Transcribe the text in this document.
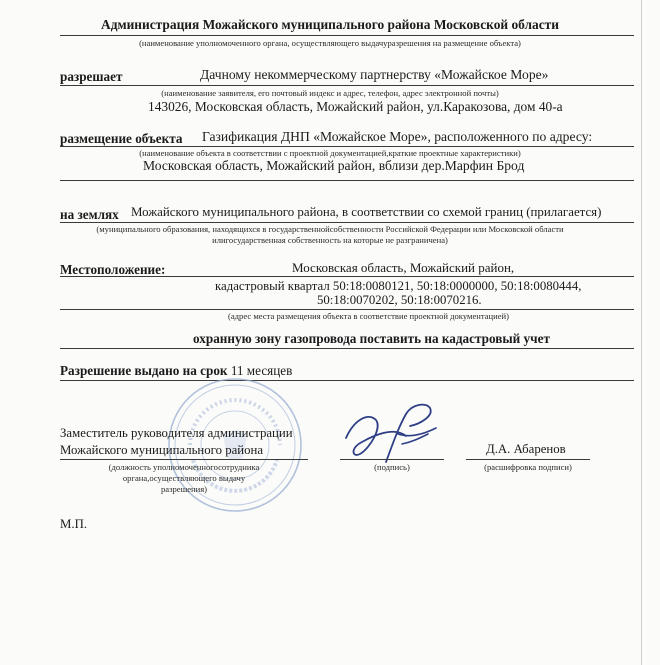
Администрация Можайского муниципального района Московской области
(наименование уполномоченного органа, осуществляющего выдачуразрешения на размещение объекта)
разрешает	Дачному некоммерческому партнерству «Можайское Море»
(наименование заявителя, его почтовый индекс и адрес, телефон, адрес электронной почты)
143026, Московская область, Можайский район, ул.Каракозова, дом 40-а
размещение объекта Газификация ДНП «Можайское Море», расположенного по адресу:
(наименование объекта в соответствии с проектной документацией,краткие проектные характеристики)
Московская область, Можайский район, вблизи дер.Марфин Брод
на землях Можайского муниципального района, в соответствии со схемой границ (прилагается)
(муниципального образования, находящихся в государственнойсобственности Российской Федерации или Московской области
илигосударственная собственность на которые не разграничена)
Местоположение:	Московская область, Можайский район,
кадастровый квартал 50:18:0080121, 50:18:0000000, 50:18:0080444,
50:18:0070202, 50:18:0070216.
(адрес места размещения объекта в соответствие проектной документацией)
охранную зону газопровода поставить на кадастровый учет
Разрешение выдано на срок 11 месяцев
Заместитель руководителя администрации
Можайского муниципального района	Д.А. Абаренов
(должность уполномоченногосотрудника
органа,осуществляющего выдачу
разрешения)
(подпись)	(расшифровка подписи)
М.П.
